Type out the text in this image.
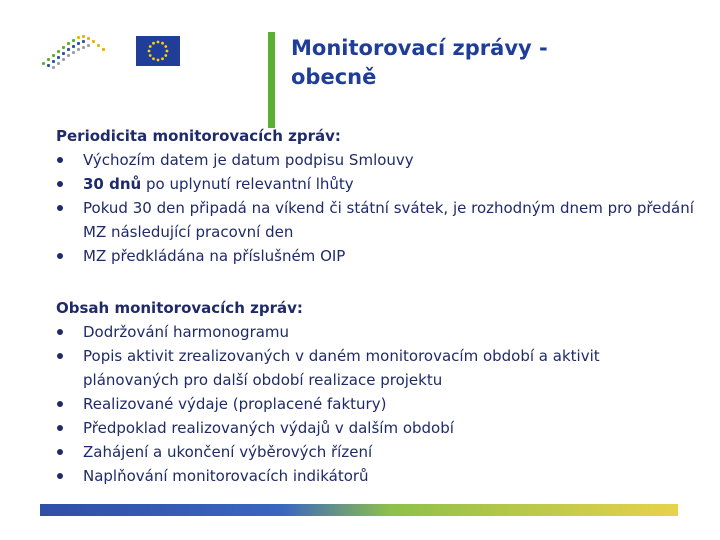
Monitorovací zprávy -
obecně

Periodicita monitorovacích zpráv:

Výchozím datem je datum podpisu Smlouvy
30 dnů po uplynutí relevantní lhůty
Pokud 30 den připadá na víkend či státní svátek, je rozhodným dnem pro předání MZ následující pracovní den
MZ předkládána na příslušném OIP

Obsah monitorovacích zpráv:

Dodržování harmonogramu
Popis aktivit zrealizovaných v daném monitorovacím období a aktivit plánovaných pro další období realizace projektu
Realizované výdaje (proplacené faktury)
Předpoklad realizovaných výdajů v dalším období
Zahájení a ukončení výběrových řízení
Naplňování monitorovacích indikátorů
